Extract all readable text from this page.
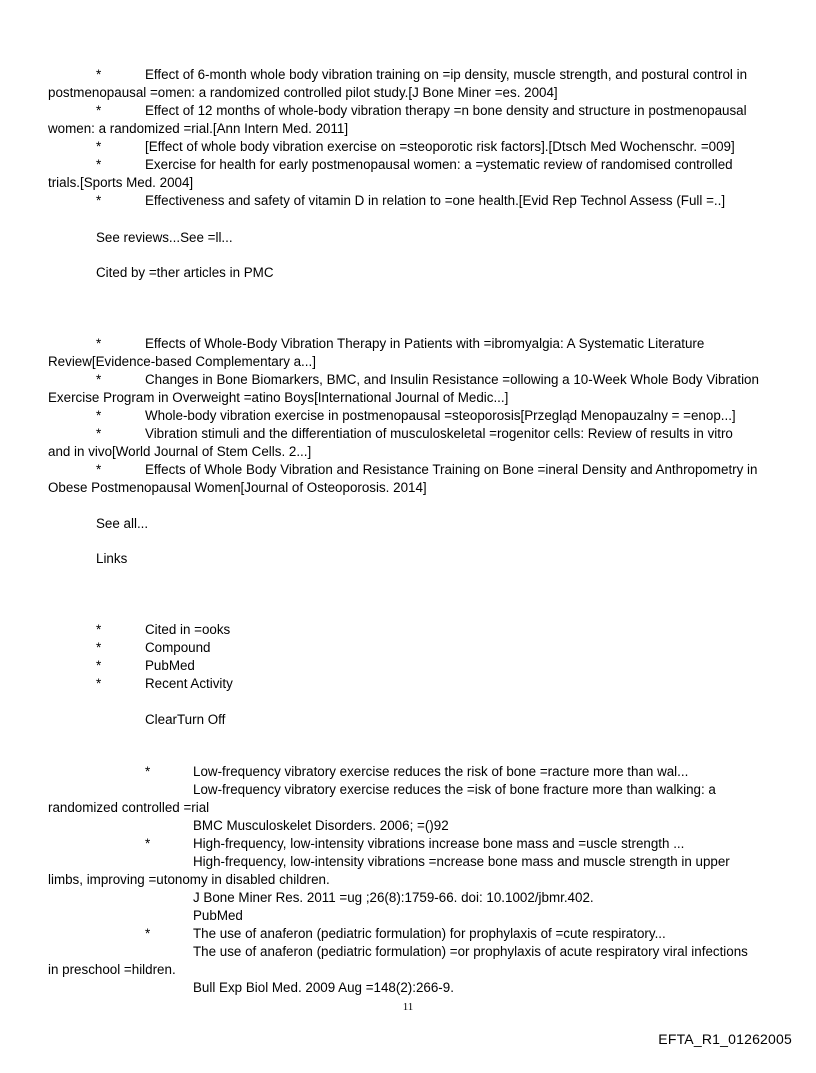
*	Effect of 6-month whole body vibration training on =ip density, muscle strength, and postural control in
postmenopausal =omen: a randomized controlled pilot study.[J Bone Miner =es. 2004]
*	Effect of 12 months of whole-body vibration therapy =n bone density and structure in postmenopausal
women: a randomized =rial.[Ann Intern Med. 2011]
*	[Effect of whole body vibration exercise on =steoporotic risk factors].[Dtsch Med Wochenschr. =009]
*	Exercise for health for early postmenopausal women: a =ystematic review of randomised controlled
trials.[Sports Med. 2004]
*	Effectiveness and safety of vitamin D in relation to =one health.[Evid Rep Technol Assess (Full =..]
See reviews...See =ll...
Cited by =ther articles in PMC
*	Effects of Whole-Body Vibration Therapy in Patients with =ibromyalgia: A Systematic Literature
Review[Evidence-based Complementary a...]
*	Changes in Bone Biomarkers, BMC, and Insulin Resistance =ollowing a 10-Week Whole Body Vibration
Exercise Program in Overweight =atino Boys[International Journal of Medic...]
*	Whole-body vibration exercise in postmenopausal =steoporosis[Przegląd Menopauzalny = =enop...]
*	Vibration stimuli and the differentiation of musculoskeletal =rogenitor cells: Review of results in vitro
and in vivo[World Journal of Stem Cells. 2...]
*	Effects of Whole Body Vibration and Resistance Training on Bone =ineral Density and Anthropometry in
Obese Postmenopausal Women[Journal of Osteoporosis. 2014]
See all...
Links
*	Cited in =ooks
*	Compound
*	PubMed
*	Recent Activity
ClearTurn Off
*	Low-frequency vibratory exercise reduces the risk of bone =racture more than wal...
Low-frequency vibratory exercise reduces the =isk of bone fracture more than walking: a
randomized controlled =rial
BMC Musculoskelet Disorders. 2006; =()92
*	High-frequency, low-intensity vibrations increase bone mass and =uscle strength ...
High-frequency, low-intensity vibrations =ncrease bone mass and muscle strength in upper
limbs, improving =utonomy in disabled children.
J Bone Miner Res. 2011 =ug ;26(8):1759-66. doi: 10.1002/jbmr.402.
PubMed
*	The use of anaferon (pediatric formulation) for prophylaxis of =cute respiratory...
The use of anaferon (pediatric formulation) =or prophylaxis of acute respiratory viral infections
in preschool =hildren.
Bull Exp Biol Med. 2009 Aug =148(2):266-9.
11
EFTA_R1_01262005
